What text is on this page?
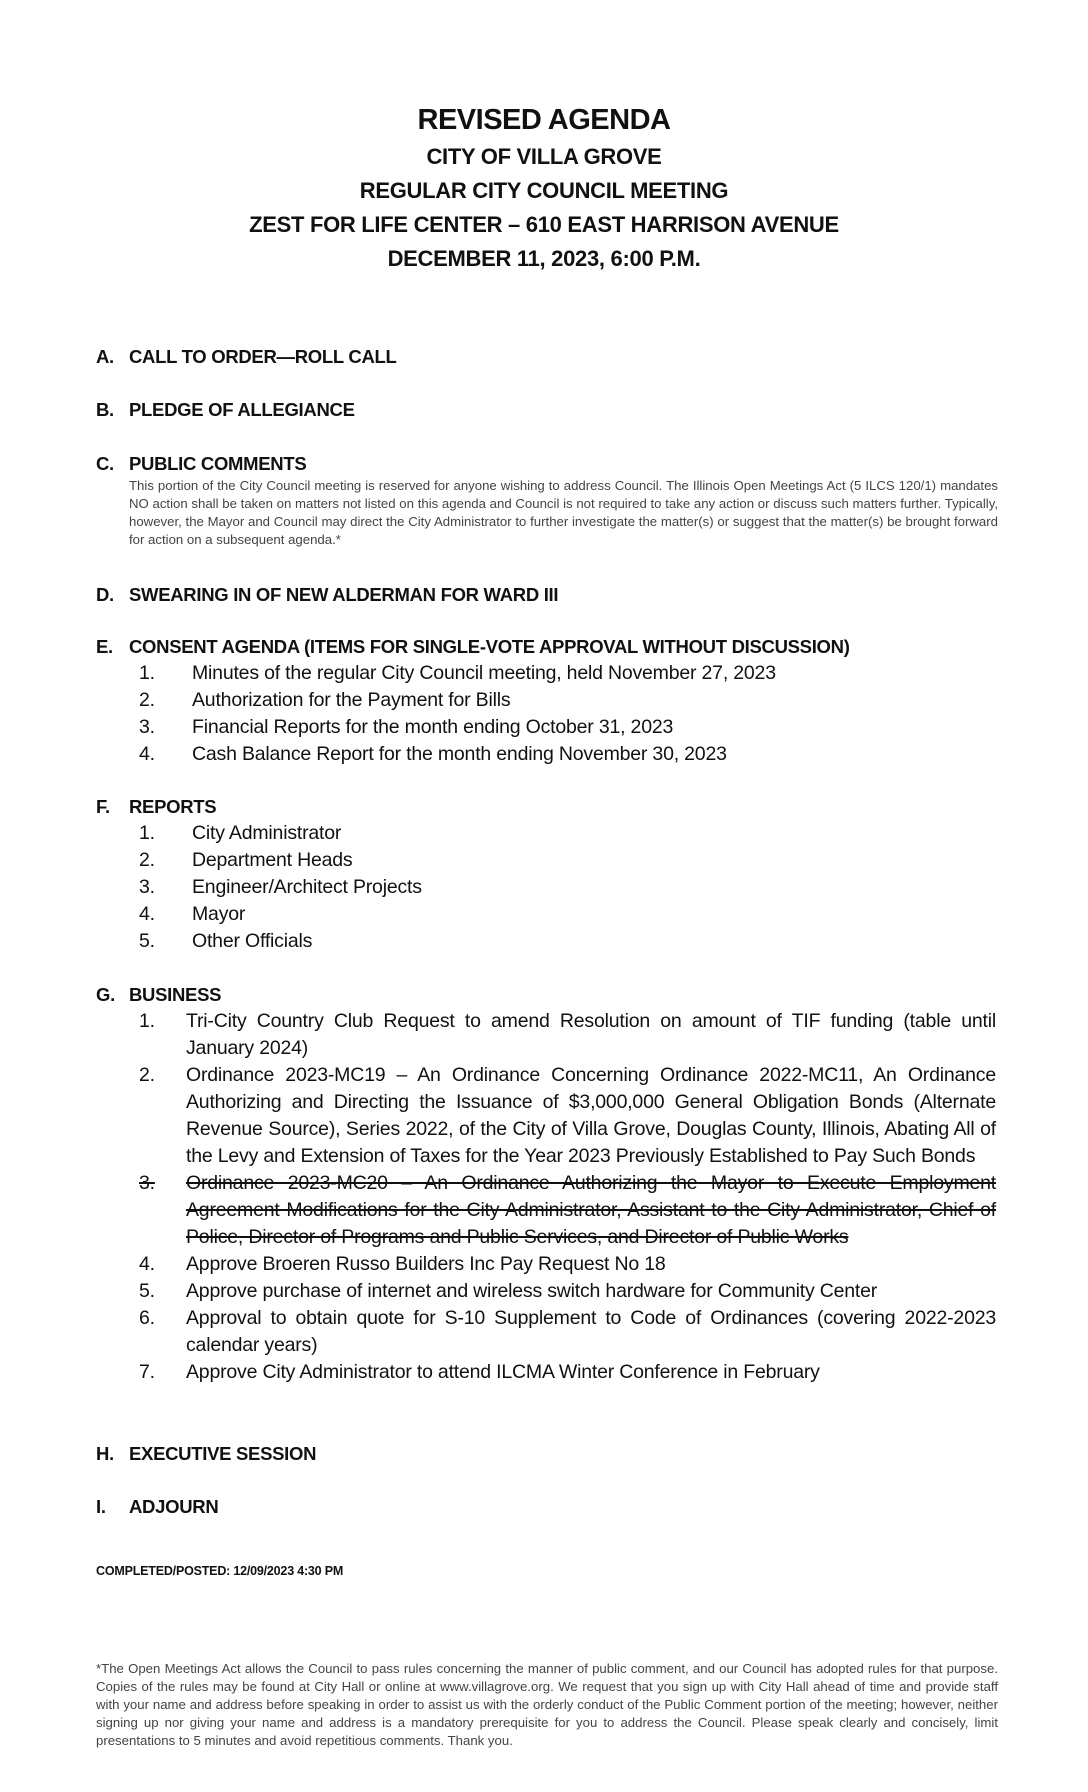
REVISED AGENDA
CITY OF VILLA GROVE
REGULAR CITY COUNCIL MEETING
ZEST FOR LIFE CENTER – 610 EAST HARRISON AVENUE
DECEMBER 11, 2023, 6:00 P.M.
A. CALL TO ORDER—ROLL CALL
B. PLEDGE OF ALLEGIANCE
C. PUBLIC COMMENTS
This portion of the City Council meeting is reserved for anyone wishing to address Council. The Illinois Open Meetings Act (5 ILCS 120/1) mandates NO action shall be taken on matters not listed on this agenda and Council is not required to take any action or discuss such matters further. Typically, however, the Mayor and Council may direct the City Administrator to further investigate the matter(s) or suggest that the matter(s) be brought forward for action on a subsequent agenda.*
D. SWEARING IN OF NEW ALDERMAN FOR WARD III
E. CONSENT AGENDA (ITEMS FOR SINGLE-VOTE APPROVAL WITHOUT DISCUSSION)
1.	Minutes of the regular City Council meeting, held November 27, 2023
2.	Authorization for the Payment for Bills
3.	Financial Reports for the month ending October 31, 2023
4.	Cash Balance Report for the month ending November 30, 2023
F.	REPORTS
1.	City Administrator
2.	Department Heads
3.	Engineer/Architect Projects
4.	Mayor
5.	Other Officials
G. BUSINESS
1.	Tri-City Country Club Request to amend Resolution on amount of TIF funding (table until January 2024)
2.	Ordinance 2023-MC19 – An Ordinance Concerning Ordinance 2022-MC11, An Ordinance Authorizing and Directing the Issuance of $3,000,000 General Obligation Bonds (Alternate Revenue Source), Series 2022, of the City of Villa Grove, Douglas County, Illinois, Abating All of the Levy and Extension of Taxes for the Year 2023 Previously Established to Pay Such Bonds
3.	Ordinance 2023-MC20 – An Ordinance Authorizing the Mayor to Execute Employment Agreement Modifications for the City Administrator, Assistant to the City Administrator, Chief of Police, Director of Programs and Public Services, and Director of Public Works
4.	Approve Broeren Russo Builders Inc Pay Request No 18
5.	Approve purchase of internet and wireless switch hardware for Community Center
6.	Approval to obtain quote for S-10 Supplement to Code of Ordinances (covering 2022-2023 calendar years)
7.	Approve City Administrator to attend ILCMA Winter Conference in February
H. EXECUTIVE SESSION
I.	ADJOURN
COMPLETED/POSTED: 12/09/2023 4:30 PM
*The Open Meetings Act allows the Council to pass rules concerning the manner of public comment, and our Council has adopted rules for that purpose. Copies of the rules may be found at City Hall or online at www.villagrove.org. We request that you sign up with City Hall ahead of time and provide staff with your name and address before speaking in order to assist us with the orderly conduct of the Public Comment portion of the meeting; however, neither signing up nor giving your name and address is a mandatory prerequisite for you to address the Council. Please speak clearly and concisely, limit presentations to 5 minutes and avoid repetitious comments. Thank you.
